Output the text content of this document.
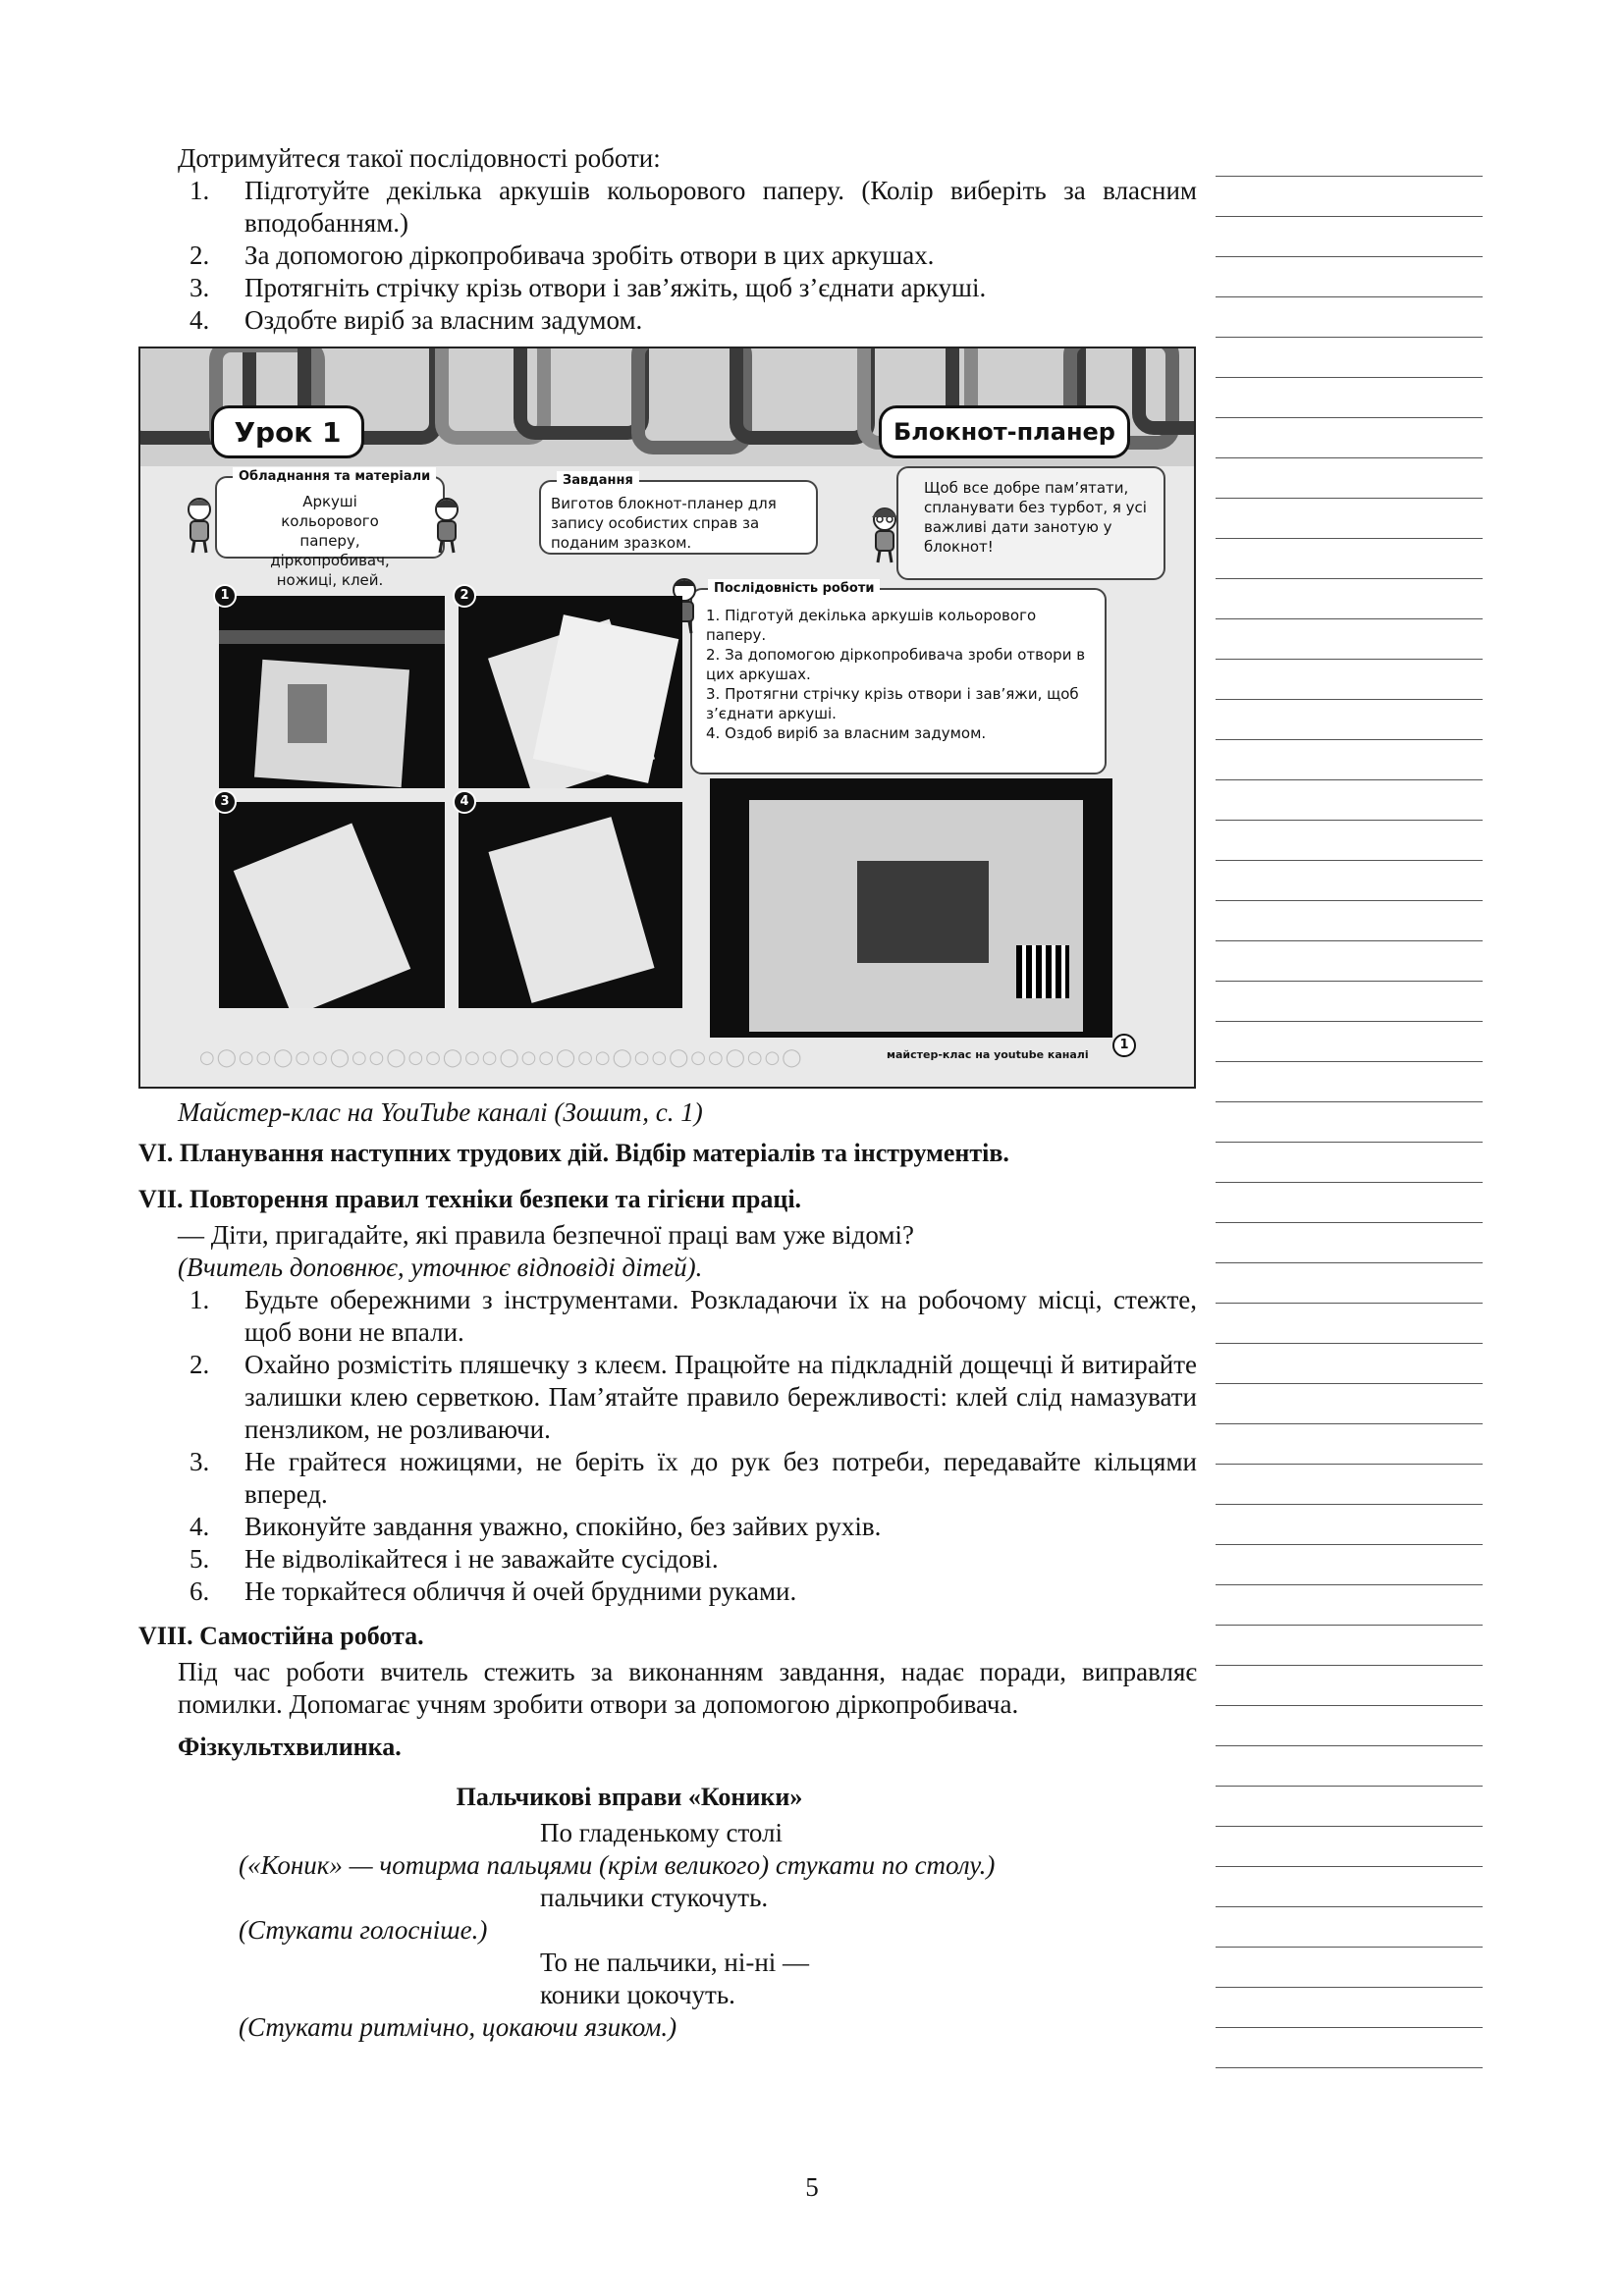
Дотримуйтеся такої послідовності роботи:

1.	Підготуйте декілька аркушів кольорового паперу. (Колір виберіть за власним вподобанням.)
2.	За допомогою діркопробивача зробіть отвори в цих аркушах.
3.	Протягніть стрічку крізь отвори і зав’яжіть, щоб з’єднати аркуші.
4.	Оздобте виріб за власним задумом.
Урок 1	Блокнот-планер
Обладнання та матеріали
Аркуші кольорового паперу, діркопробивач, ножиці, клей.
Завдання
Виготов блокнот-планер для запису особистих справ за поданим зразком.
Щоб все добре пам’ятати, спланувати без турбот, я усі важливі дати занотую у блокнот!
Послідовність роботи
1. Підготуй декілька аркушів кольорового паперу.
2. За допомогою діркопробивача зроби отвори в цих аркушах.
3. Протягни стрічку крізь отвори і зав’яжи, щоб з’єднати аркуші.
4. Оздоб виріб за власним задумом.
1	2
3	4
майстер-клас на youtube каналі
1
○◯○○◯○○◯○○◯○○◯○○◯○○◯○○◯○○◯○○◯○○◯
Майстер-клас на YouTube каналі (Зошит, с. 1)
VI. Планування наступних трудових дій. Відбір матеріалів та інструментів.
VII. Повторення правил техніки безпеки та гігієни праці.

— Діти, пригадайте, які правила безпечної праці вам уже відомі?

(Вчитель доповнює, уточнює відповіді дітей).

1.	Будьте обережними з інструментами. Розкладаючи їх на робочому місці, стежте, щоб вони не впали.
2.	Охайно розмістіть пляшечку з клеєм. Працюйте на підкладній дощечці й витирайте залишки клею серветкою. Пам’ятайте правило бережливості: клей слід намазувати пензликом, не розливаючи.
3.	Не грайтеся ножицями, не беріть їх до рук без потреби, передавайте кільцями вперед.
4.	Виконуйте завдання уважно, спокійно, без зайвих рухів.
5.	Не відволікайтеся і не заважайте сусідові.
6.	Не торкайтеся обличчя й очей брудними руками.
VIII. Самостійна робота.

Під час роботи вчитель стежить за виконанням завдання, надає поради, виправляє помилки. Допомагає учням зробити отвори за допомогою діркопробивача.

Фізкультхвилинка.
Пальчикові вправи «Коники»
По гладенькому столі
(«Коник» — чотирма пальцями (крім великого) стукати по столу.)
пальчики стукочуть.
(Стукати голосніше.)
То не пальчики, ні-ні —
коники цокочуть.
(Стукати ритмічно, цокаючи язиком.)
5
